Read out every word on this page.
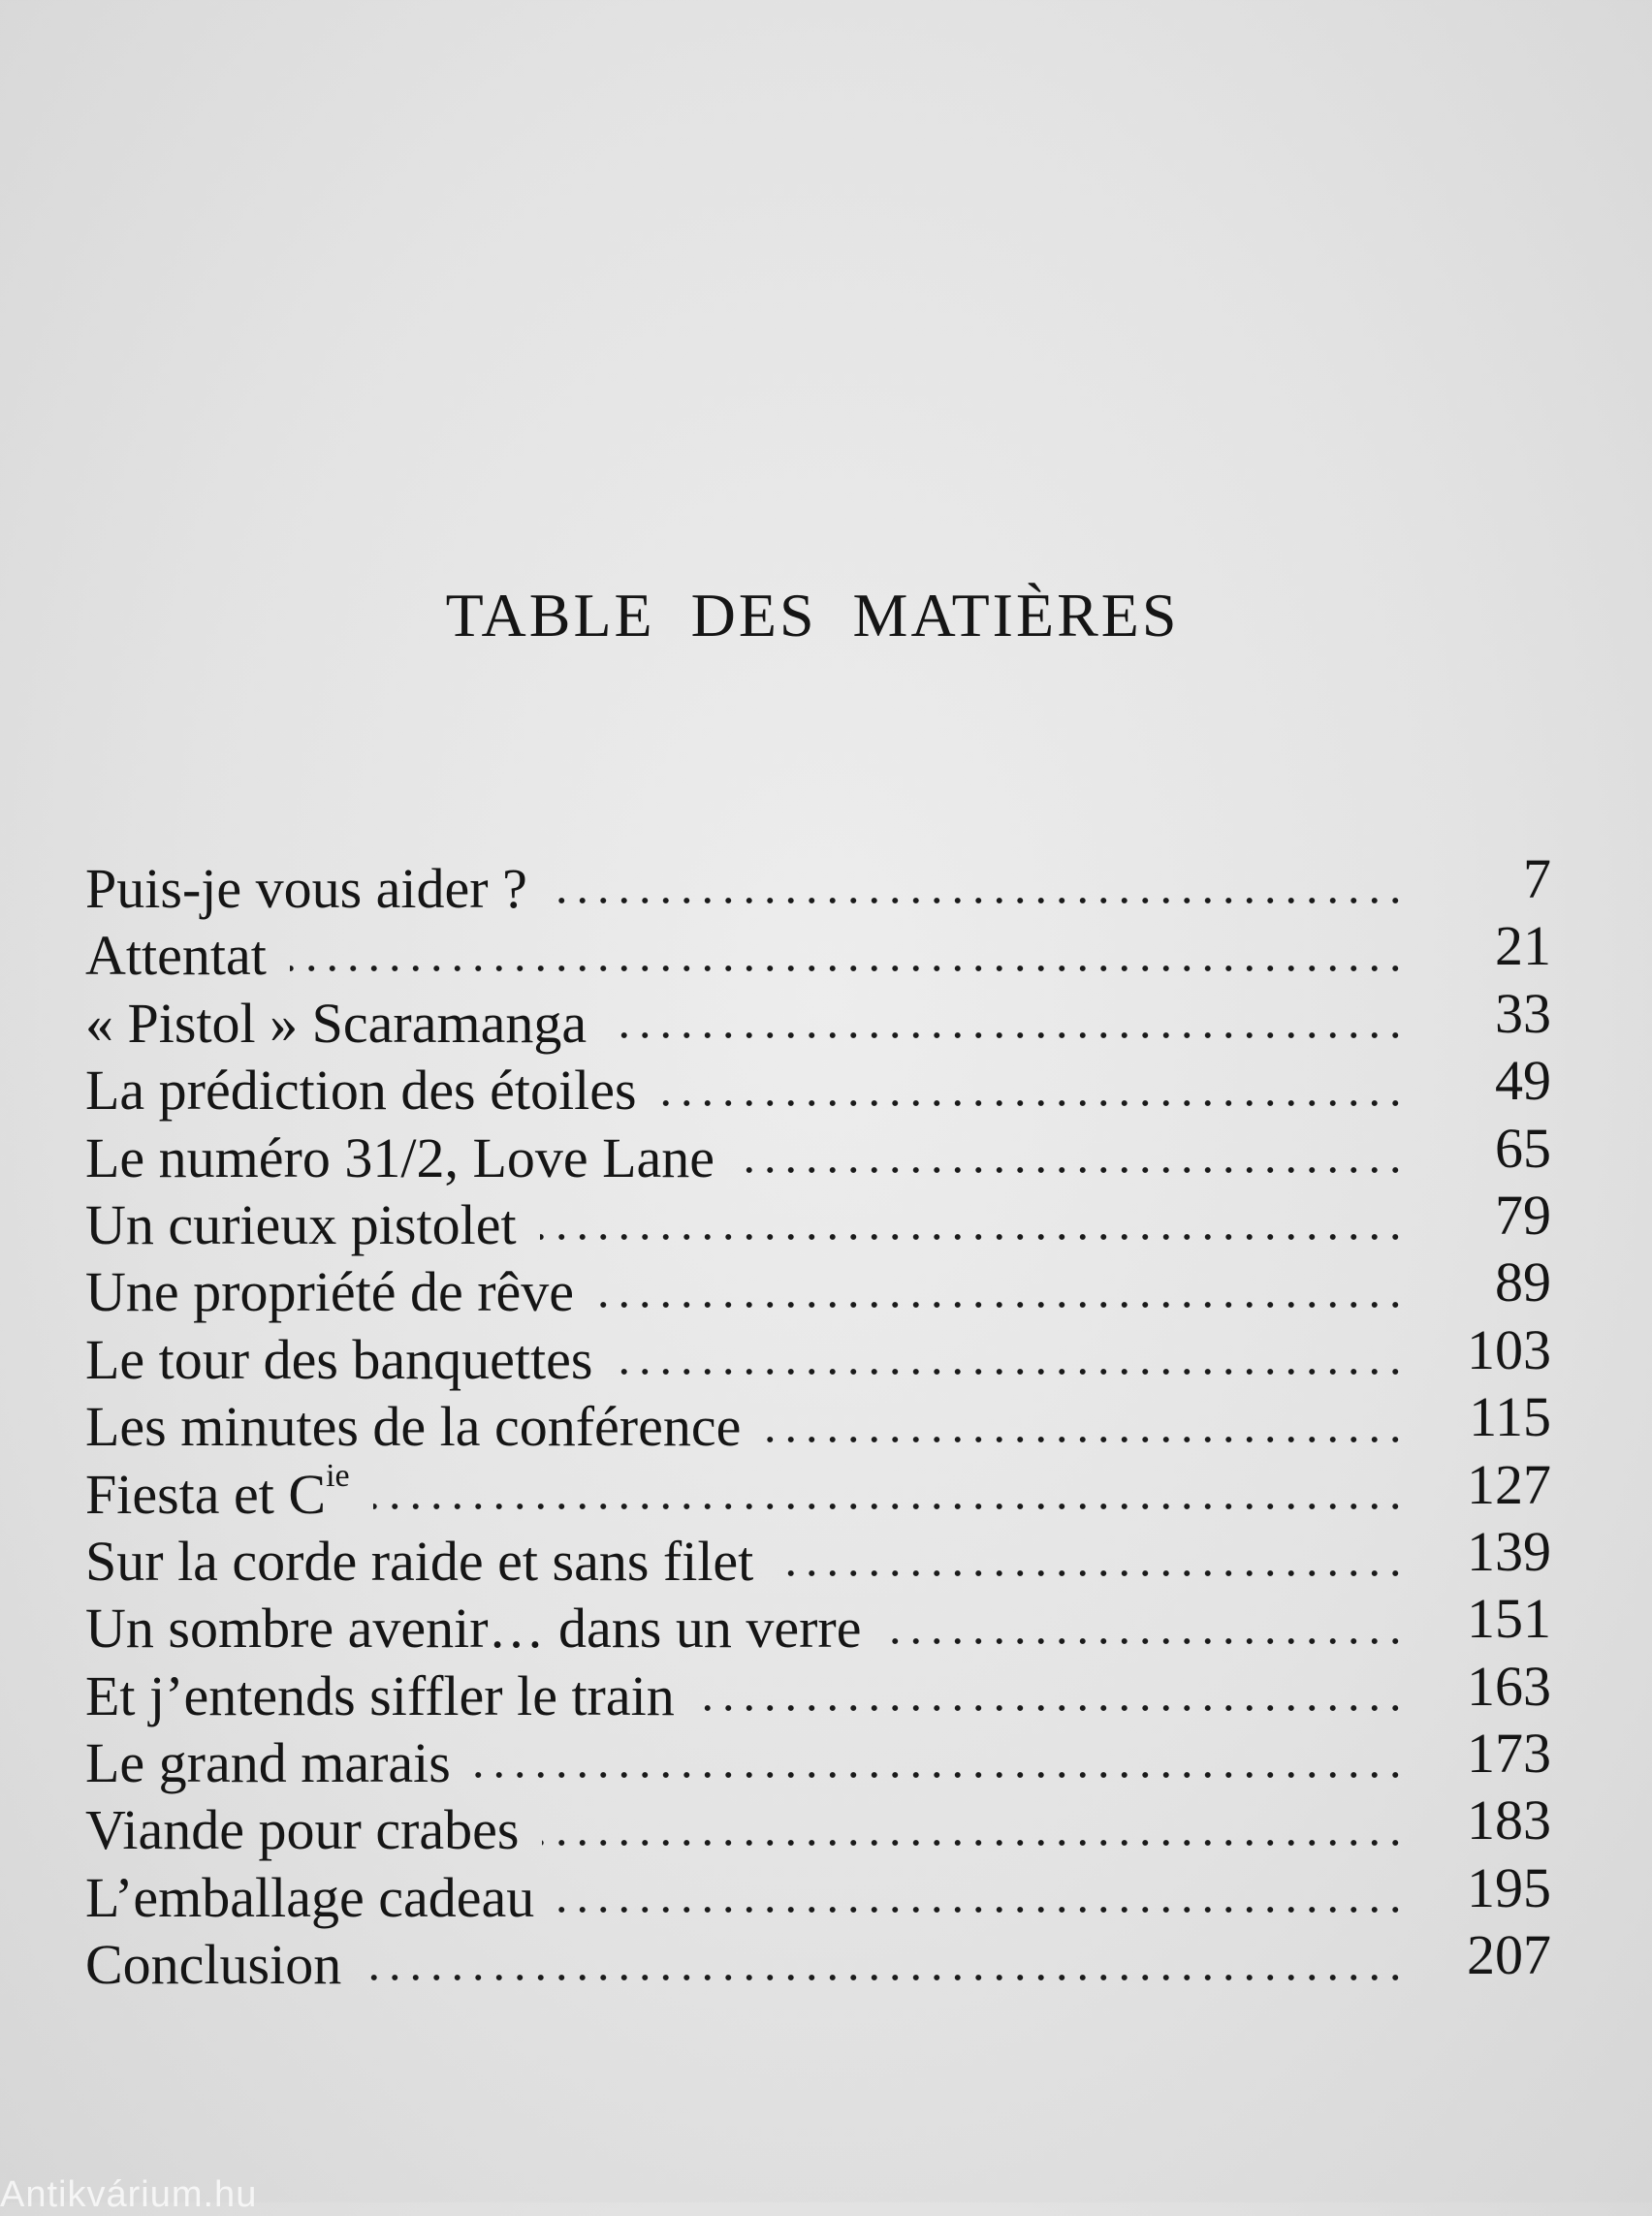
TABLE DES MATIÈRES
Puis-je vous aider ?	7
Attentat	21
« Pistol » Scaramanga	33
La prédiction des étoiles	49
Le numéro 31/2, Love Lane	65
Un curieux pistolet	79
Une propriété de rêve	89
Le tour des banquettes	103
Les minutes de la conférence	115
Fiesta et $C^{ie}$	127
Sur la corde raide et sans filet	139
Un sombre avenir… dans un verre	151
Et j’entends siffler le train	163
Le grand marais	173
Viande pour crabes	183
L’emballage cadeau	195
Conclusion	207
Antikvárium.hu
